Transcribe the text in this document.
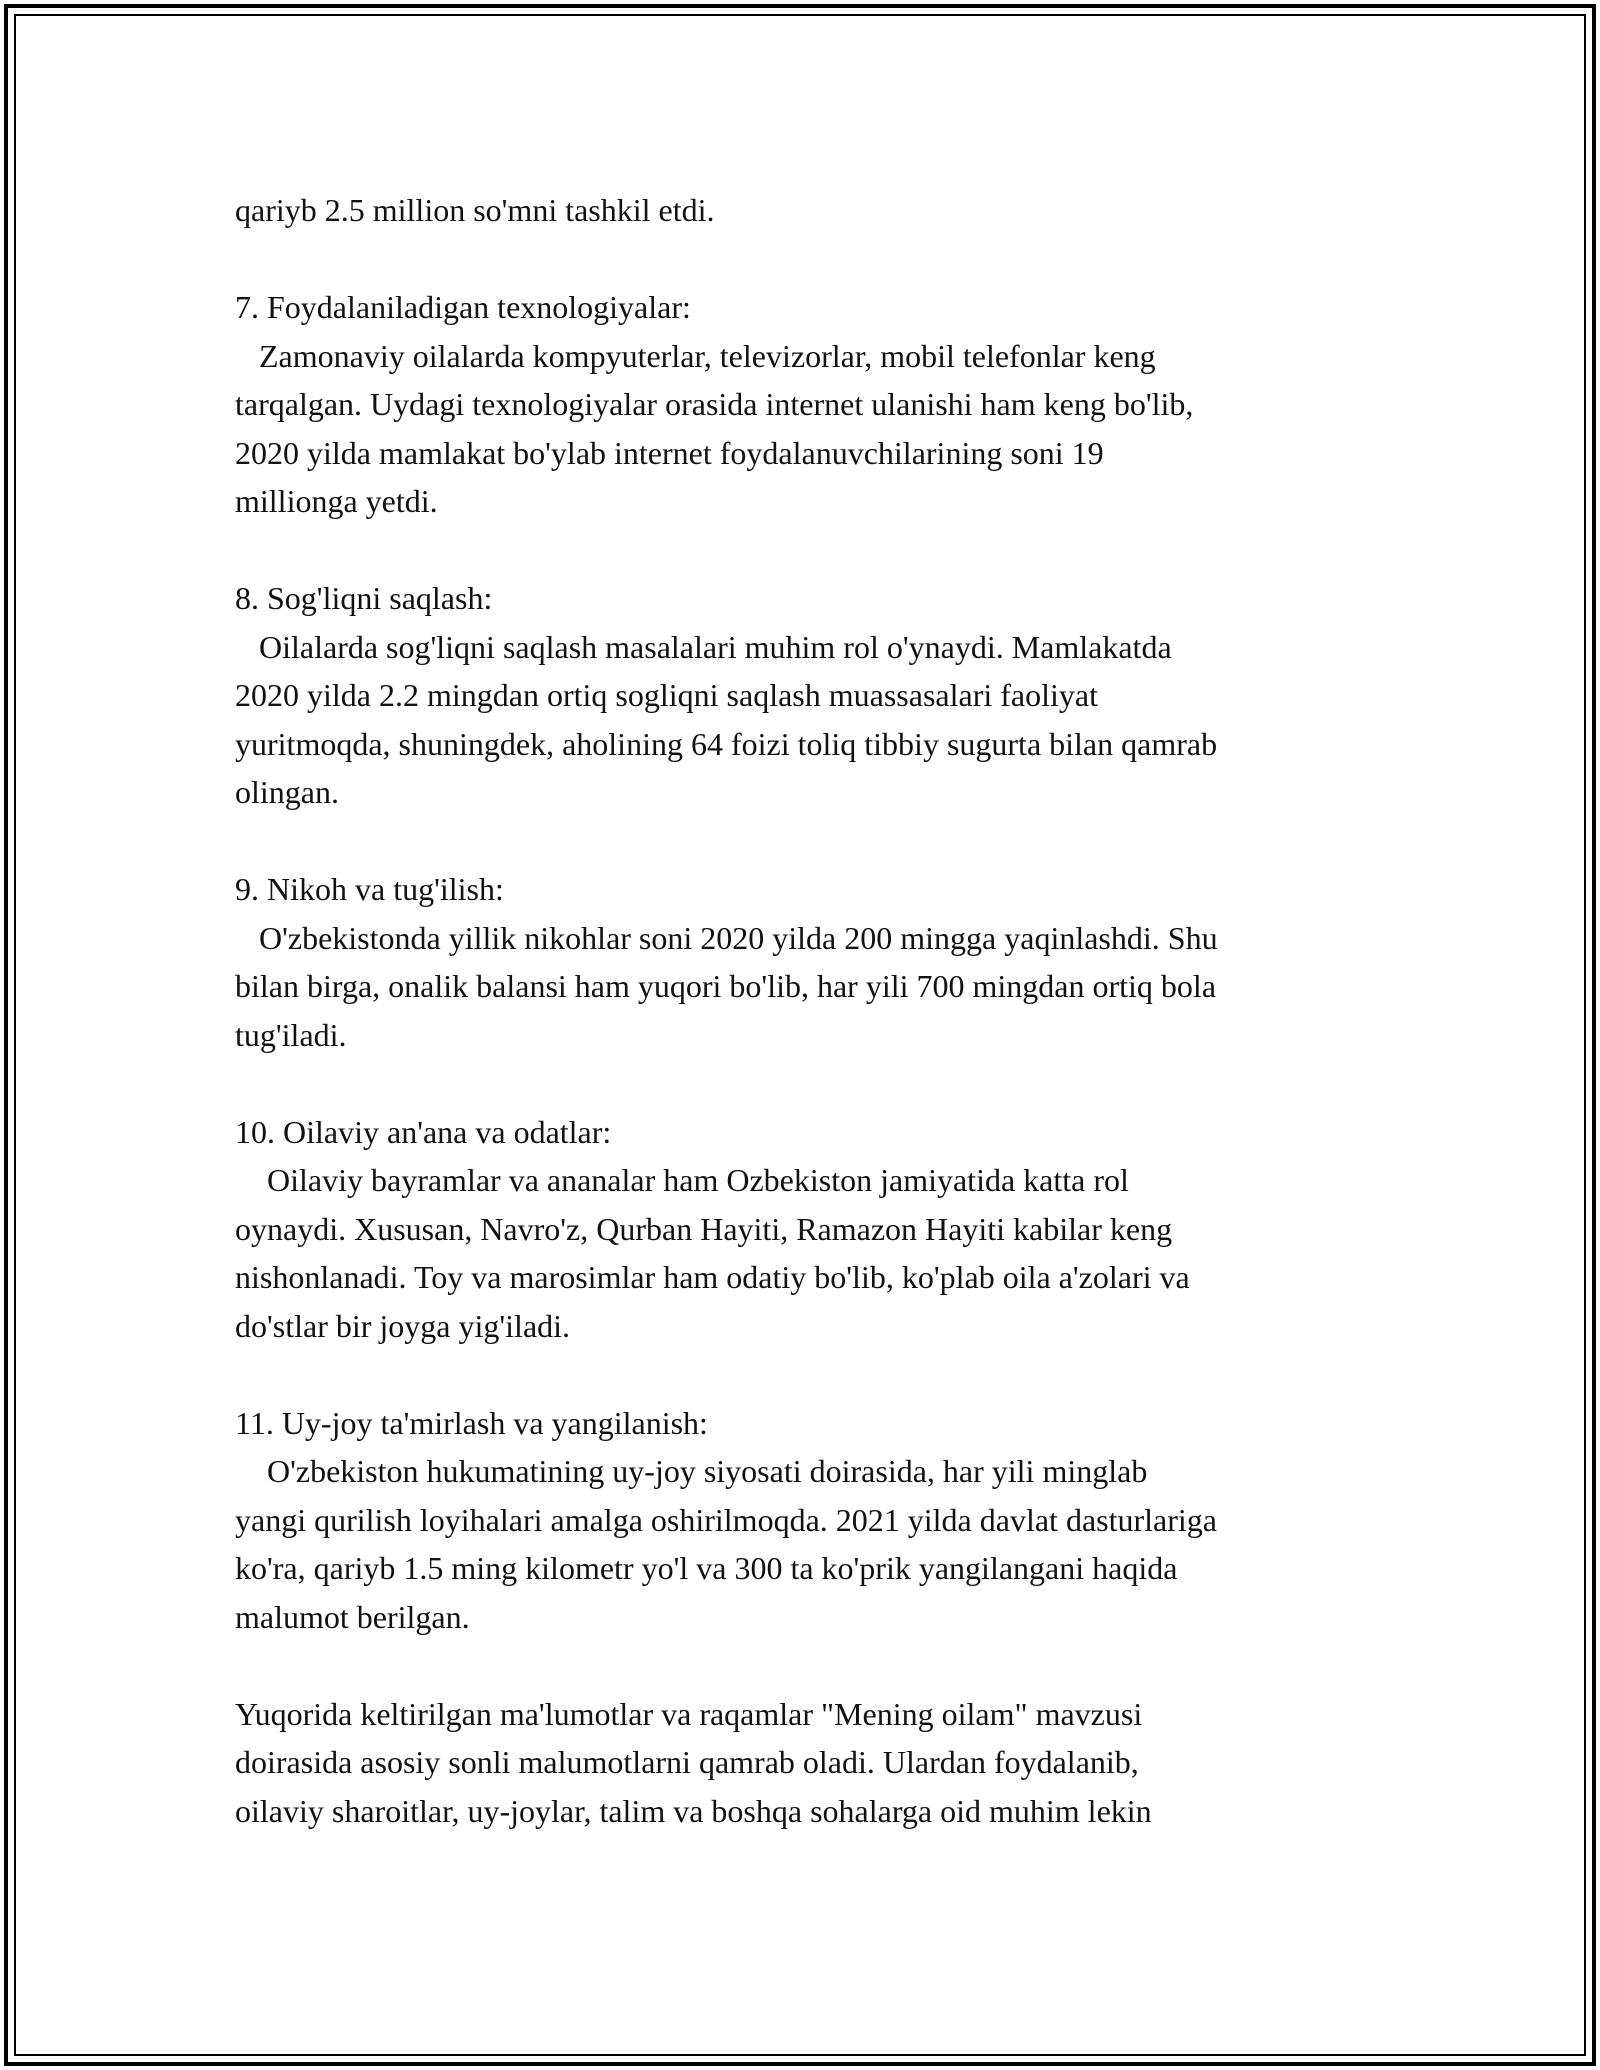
qariyb 2.5 million so'mni tashkil etdi.
7. Foydalaniladigan texnologiyalar:
Zamonaviy oilalarda kompyuterlar, televizorlar, mobil telefonlar keng
tarqalgan. Uydagi texnologiyalar orasida internet ulanishi ham keng bo'lib,
2020 yilda mamlakat bo'ylab internet foydalanuvchilarining soni 19
millionga yetdi.
8. Sog'liqni saqlash:
Oilalarda sog'liqni saqlash masalalari muhim rol o'ynaydi. Mamlakatda
2020 yilda 2.2 mingdan ortiq sogliqni saqlash muassasalari faoliyat
yuritmoqda, shuningdek, aholining 64 foizi toliq tibbiy sugurta bilan qamrab
olingan.
9. Nikoh va tug'ilish:
O'zbekistonda yillik nikohlar soni 2020 yilda 200 mingga yaqinlashdi. Shu
bilan birga, onalik balansi ham yuqori bo'lib, har yili 700 mingdan ortiq bola
tug'iladi.
10. Oilaviy an'ana va odatlar:
Oilaviy bayramlar va ananalar ham Ozbekiston jamiyatida katta rol
oynaydi. Xususan, Navro'z, Qurban Hayiti, Ramazon Hayiti kabilar keng
nishonlanadi. Toy va marosimlar ham odatiy bo'lib, ko'plab oila a'zolari va
do'stlar bir joyga yig'iladi.
11. Uy-joy ta'mirlash va yangilanish:
O'zbekiston hukumatining uy-joy siyosati doirasida, har yili minglab
yangi qurilish loyihalari amalga oshirilmoqda. 2021 yilda davlat dasturlariga
ko'ra, qariyb 1.5 ming kilometr yo'l va 300 ta ko'prik yangilangani haqida
malumot berilgan.
Yuqorida keltirilgan ma'lumotlar va raqamlar "Mening oilam" mavzusi
doirasida asosiy sonli malumotlarni qamrab oladi. Ulardan foydalanib,
oilaviy sharoitlar, uy-joylar, talim va boshqa sohalarga oid muhim lekin
